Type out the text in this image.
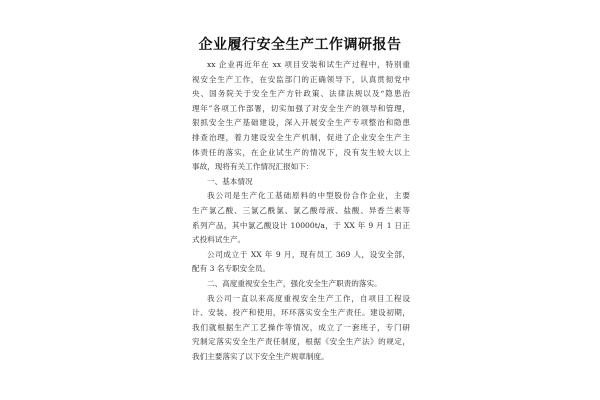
企业履行安全生产工作调研报告
xx 企业再近年在 xx 项目安装和试生产过程中，特别重
视安全生产工作，在安监部门的正确领导下，认真贯彻党中
央、国务院关于安全生产方针政策、法律法规以及“隐患治
理年”各项工作部署，切实加强了对安全生产的领导和管理，
狠抓安全生产基础建设，深入开展安全生产专项整治和隐患
排查治理，着力建设安全生产机制，促进了企业安全生产主
体责任的落实，在企业试生产的情况下，没有发生较大以上
事故，现将有关工作情况汇报如下：
一、基本情况
我公司是生产化工基础原料的中型股份合作企业，主要
生产氯乙酸、三氯乙酰氯、氯乙酸母液、盐酸、异香兰素等
系列产品，其中氯乙酸设计 10000t/a，于 XX 年 9 月 1 日正
式投料试生产。
公司成立于 XX 年 9 月，现有员工 369 人，设安全部，
配有 3 名专职安全员。
二、高度重视安全生产，强化安全生产职责的落实。
我公司一直以来高度重视安全生产工作，自项目工程设
计、安装、投产和使用，环环落实安全生产责任。建设初期，
我们就根据生产工艺操作等情况，成立了一套班子，专门研
究制定落实安全生产责任制度，根据《安全生产法》的规定，
我们主要落实了以下安全生产规章制度。
